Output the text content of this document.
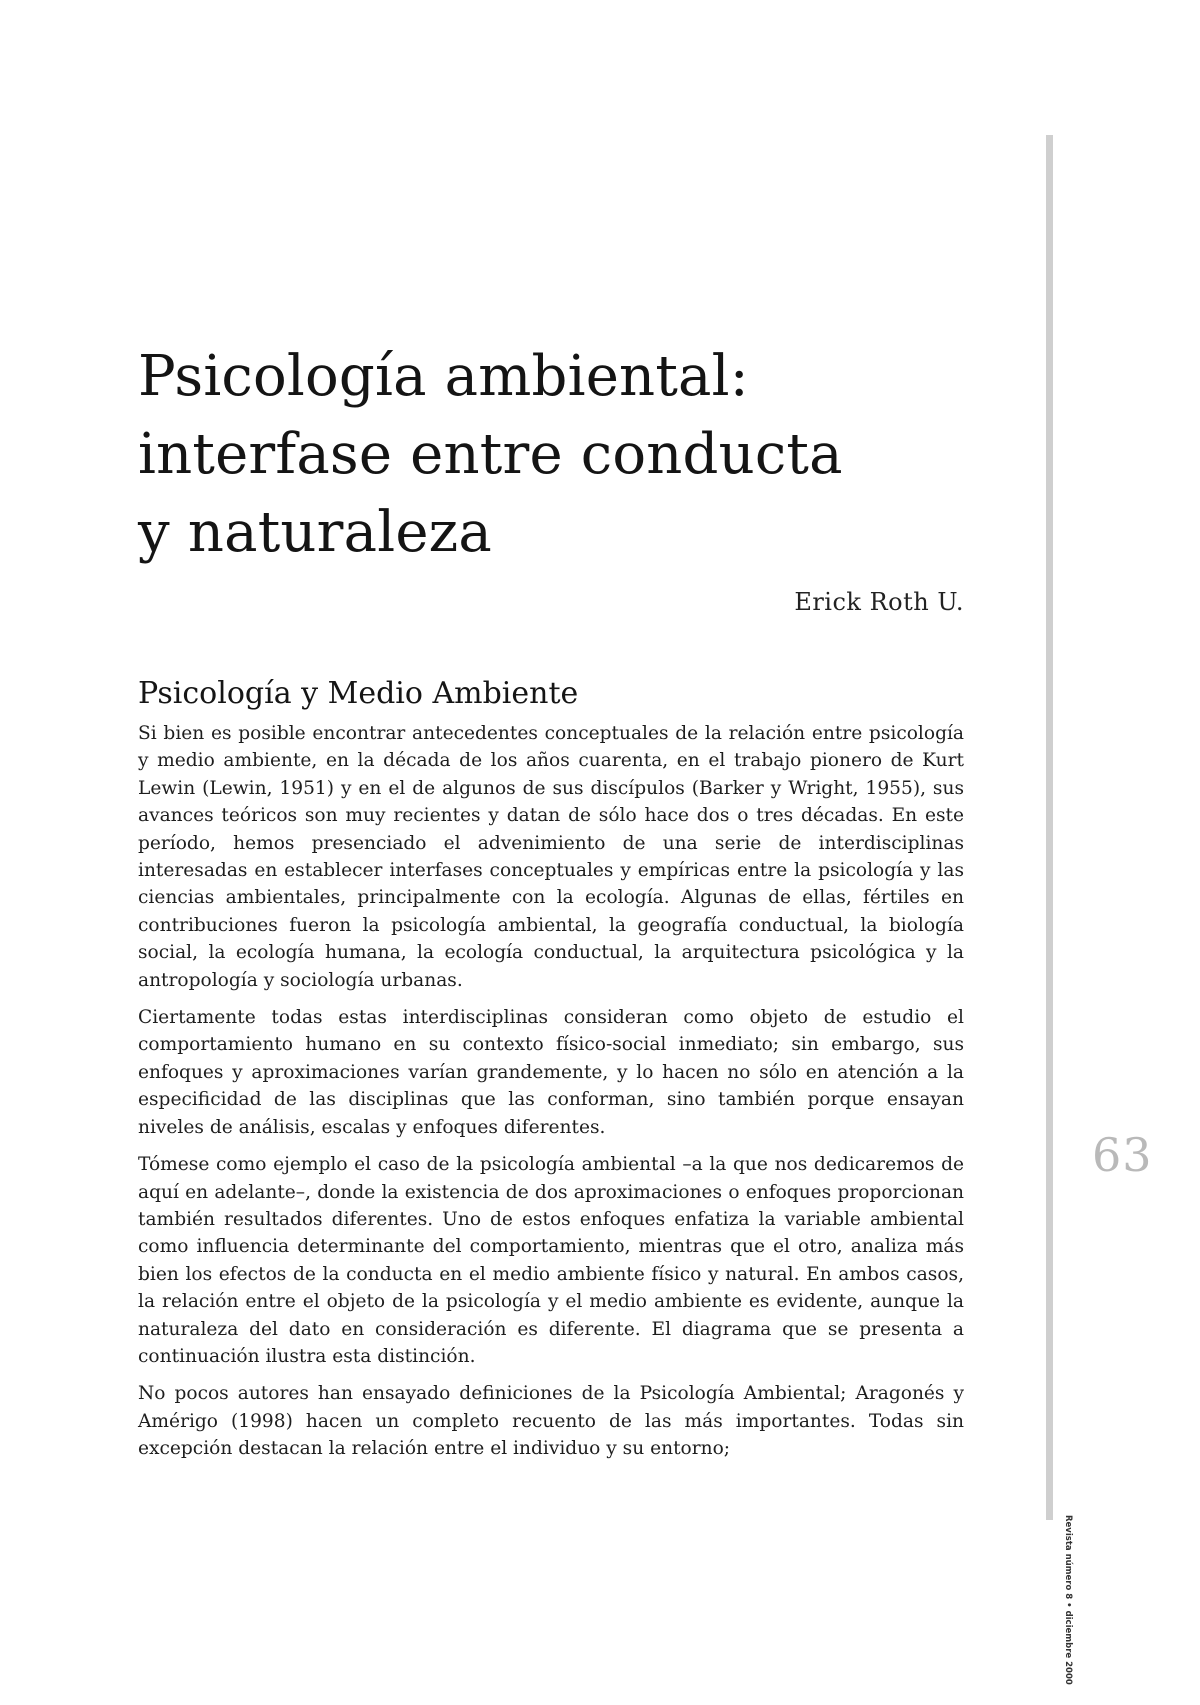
Psicología ambiental:
interfase entre conducta
y naturaleza
Erick Roth U.
Psicología y Medio Ambiente

Si bien es posible encontrar antecedentes conceptuales de la relación entre psicología y medio ambiente, en la década de los años cuarenta, en el trabajo pionero de Kurt Lewin (Lewin, 1951) y en el de algunos de sus discípulos (Barker y Wright, 1955), sus avances teóricos son muy recientes y datan de sólo hace dos o tres décadas. En este período, hemos presenciado el advenimiento de una serie de interdisciplinas interesadas en establecer interfases conceptuales y empíricas entre la psicología y las ciencias ambientales, principalmente con la ecología. Algunas de ellas, fértiles en contribuciones fueron la psicología ambiental, la geografía conductual, la biología social, la ecología humana, la ecología conductual, la arquitectura psicológica y la antropología y sociología urbanas.

Ciertamente todas estas interdisciplinas consideran como objeto de estudio el comportamiento humano en su contexto físico-social inmediato; sin embargo, sus enfoques y aproximaciones varían grandemente, y lo hacen no sólo en atención a la especificidad de las disciplinas que las conforman, sino también porque ensayan niveles de análisis, escalas y enfoques diferentes.

Tómese como ejemplo el caso de la psicología ambiental –a la que nos dedicaremos de aquí en adelante–, donde la existencia de dos aproximaciones o enfoques proporcionan también resultados diferentes. Uno de estos enfoques enfatiza la variable ambiental como influencia determinante del comportamiento, mientras que el otro, analiza más bien los efectos de la conducta en el medio ambiente físico y natural. En ambos casos, la relación entre el objeto de la psicología y el medio ambiente es evidente, aunque la naturaleza del dato en consideración es diferente. El diagrama que se presenta a continuación ilustra esta distinción.

No pocos autores han ensayado definiciones de la Psicología Ambiental; Aragonés y Amérigo (1998) hacen un completo recuento de las más importantes. Todas sin excepción destacan la relación entre el individuo y su entorno;

63
Revista número 8 • diciembre 2000
